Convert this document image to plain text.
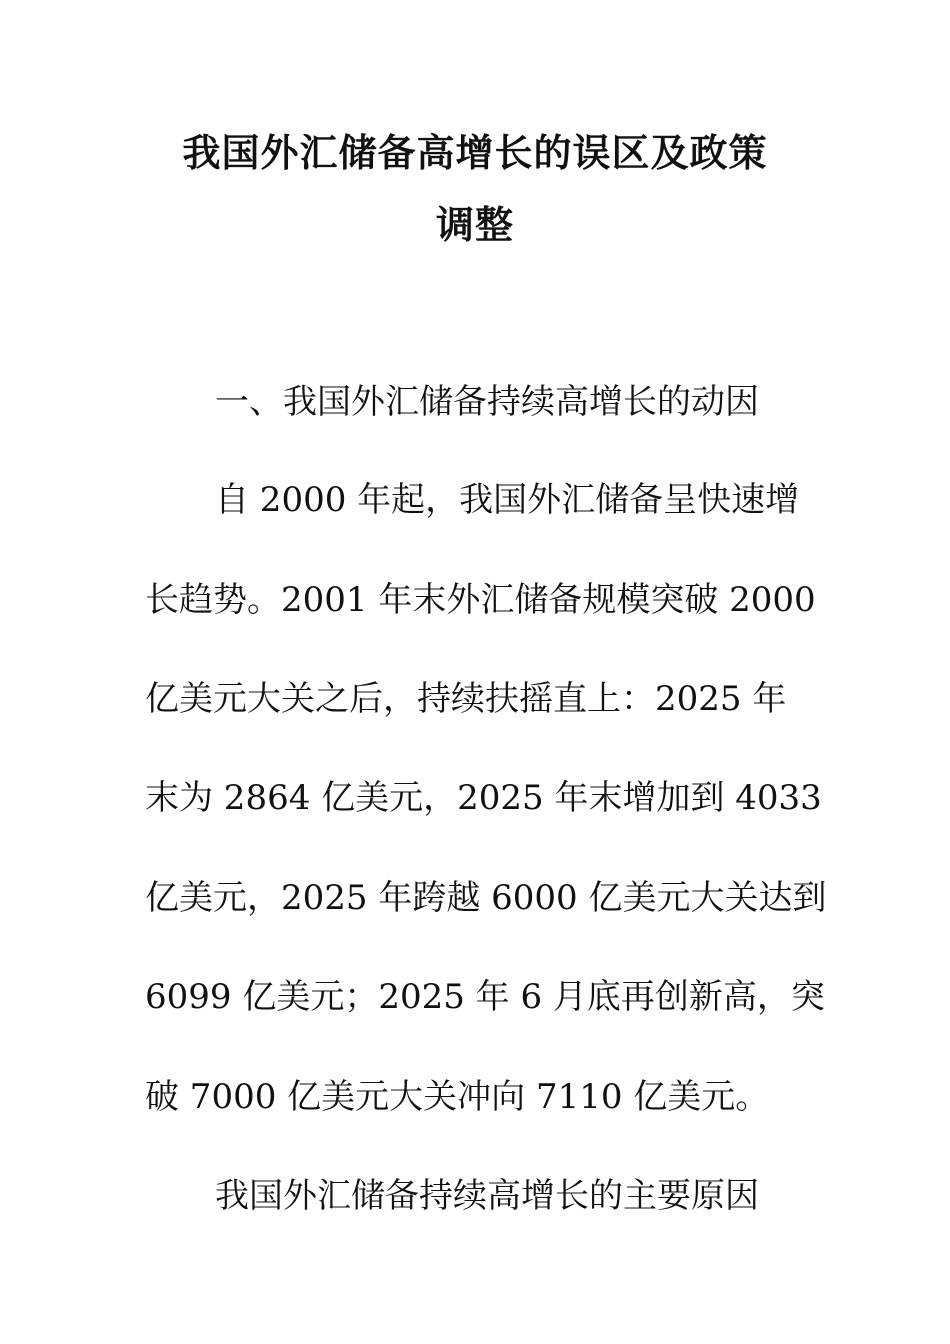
我国外汇储备高增长的误区及政策
调整
一、我国外汇储备持续高增长的动因
自 2000 年起，我国外汇储备呈快速增
长趋势。2001 年末外汇储备规模突破 2000
亿美元大关之后，持续扶摇直上：2025 年
末为 2864 亿美元，2025 年末增加到 4033
亿美元，2025 年跨越 6000 亿美元大关达到
6099 亿美元；2025 年 6 月底再创新高，突
破 7000 亿美元大关冲向 7110 亿美元。
我国外汇储备持续高增长的主要原因
